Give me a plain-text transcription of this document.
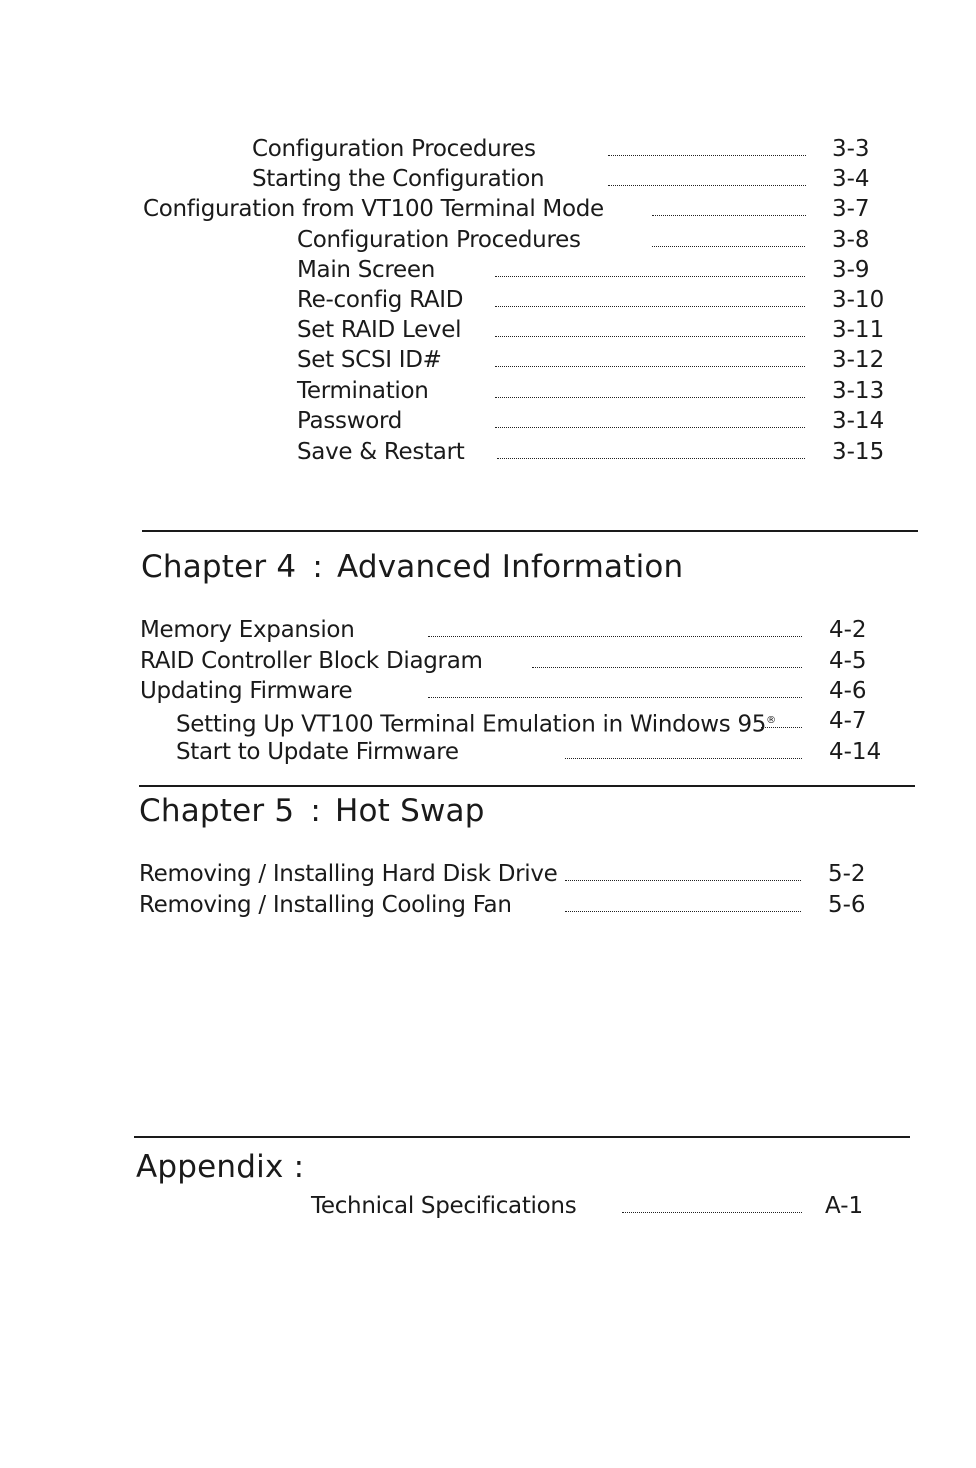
Configuration Procedures	3-3
Starting the Configuration	3-4
Configuration from VT100 Terminal Mode	3-7
Configuration Procedures	3-8
Main Screen	3-9
Re-config RAID	3-10
Set RAID Level	3-11
Set SCSI ID#	3-12
Termination	3-13
Password	3-14
Save & Restart	3-15
Chapter 4 : Advanced Information
Memory Expansion	4-2
RAID Controller Block Diagram	4-5
Updating Firmware	4-6
Setting Up VT100 Terminal Emulation in Windows 95® 4-7
Start to Update Firmware	4-14
Chapter 5 : Hot Swap
Removing / Installing Hard Disk Drive	5-2
Removing / Installing Cooling Fan	5-6
Appendix :
Technical Specifications	A-1
